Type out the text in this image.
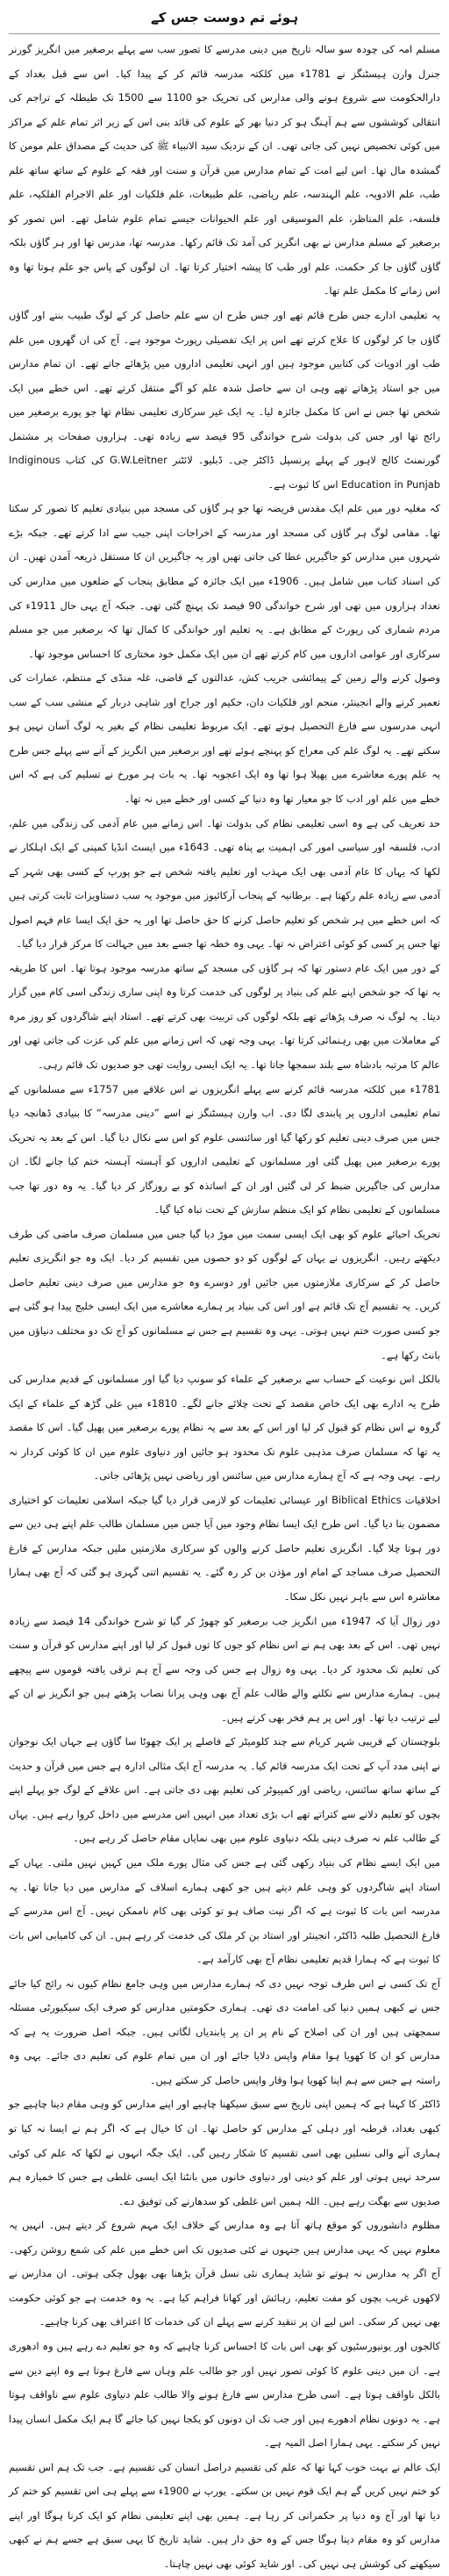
ہوئے تم دوست جس کے

مسلم امہ کی چودہ سو سالہ تاریخ میں دینی مدرسے کا تصور سب سے پہلے برصغیر میں انگریز گورنر جنرل وارن ہیسٹنگز نے 1781ء میں کلکتہ مدرسہ قائم کر کے پیدا کیا۔ اس سے قبل بغداد کے دارالحکومت سے شروع ہونے والی مدارس کی تحریک جو 1100 سے 1500 تک طیطلہ کے تراجم کی انتقالی کوششوں سے ہم آہنگ ہو کر دنیا بھر کے علوم کی قائد بنی اس کے زیر اثر تمام علم کے مراکز میں کوئی تخصیص نہیں کی جاتی تھی۔ ان کے نزدیک سید الانبیاء ﷺ کی حدیث کے مصداق علم مومن کا گمشدہ مال تھا۔ اس لیے امت کے تمام مدارس میں قرآن و سنت اور فقہ کے علوم کے ساتھ ساتھ علم طب، علم الادویہ، علم الہندسہ، علم ریاضی، علم طبیعات، علم فلکیات اور علم الاجرام الفلکیہ، علم فلسفہ، علم المناظر، علم الموسیقی اور علم الحیوانات جیسے تمام علوم شامل تھے۔ اس تصور کو برصغیر کے مسلم مدارس نے بھی انگریز کی آمد تک قائم رکھا۔ مدرسہ تھا، مدرس تھا اور ہر گاؤں بلکہ گاؤں گاؤں جا کر حکمت، علم اور طب کا پیشہ اختیار کرتا تھا۔ ان لوگوں کے پاس جو علم ہوتا تھا وہ اس زمانے کا مکمل علم تھا۔

یہ تعلیمی ادارے جس طرح قائم تھے اور جس طرح ان سے علم حاصل کر کے لوگ طبیب بنتے اور گاؤں گاؤں جا کر لوگوں کا علاج کرتے تھے اس پر ایک تفصیلی رپورٹ موجود ہے۔ آج کی ان گھروں میں علم طب اور ادویات کی کتابیں موجود ہیں اور انہی تعلیمی اداروں میں پڑھائے جاتے تھے۔ ان تمام مدارس میں جو استاد پڑھاتے تھے وہی ان سے حاصل شدہ علم کو آگے منتقل کرتے تھے۔ اس خطے میں ایک شخص تھا جس نے اس کا مکمل جائزہ لیا۔ یہ ایک غیر سرکاری تعلیمی نظام تھا جو پورے برصغیر میں رائج تھا اور جس کی بدولت شرح خواندگی 95 فیصد سے زیادہ تھی۔ ہزاروں صفحات پر مشتمل گورنمنٹ کالج لاہور کے پہلے پرنسپل ڈاکٹر جی۔ ڈبلیو۔ لائٹنر G.W.Leitner کی کتاب Indiginous Education in Punjab اس کا ثبوت ہے۔

کہ مغلیہ دور میں علم ایک مقدس فریضہ تھا جو ہر گاؤں کی مسجد میں بنیادی تعلیم کا تصور کر سکتا تھا۔ مقامی لوگ ہر گاؤں کی مسجد اور مدرسہ کے اخراجات اپنی جیب سے ادا کرتے تھے۔ جبکہ بڑے شہروں میں مدارس کو جاگیریں عطا کی جاتی تھیں اور یہ جاگیریں ان کا مستقل ذریعہ آمدن تھیں۔ ان کی اسناد کتاب میں شامل ہیں۔ 1906ء میں ایک جائزہ کے مطابق پنجاب کے ضلعوں میں مدارس کی تعداد ہزاروں میں تھی اور شرح خواندگی 90 فیصد تک پہنچ گئی تھی۔ جبکہ آج یہی حال 1911ء کی مردم شماری کی رپورٹ کے مطابق ہے۔ یہ تعلیم اور خواندگی کا کمال تھا کہ برصغیر میں جو مسلم سرکاری اور عوامی اداروں میں کام کرتے تھے ان میں ایک مکمل خود مختاری کا احساس موجود تھا۔

وصول کرنے والے زمین کے پیمائشی جریب کش، عدالتوں کے قاضی، غلہ منڈی کے منتظم، عمارات کی تعمیر کرنے والے انجینئر، منجم اور فلکیات دان، حکیم اور جراح اور شاہی دربار کے منشی سب کے سب انہی مدرسوں سے فارغ التحصیل ہوتے تھے۔ ایک مربوط تعلیمی نظام کے بغیر یہ لوگ آسان نہیں ہو سکتے تھے۔ یہ لوگ علم کی معراج کو پہنچے ہوئے تھے اور برصغیر میں انگریز کے آنے سے پہلے جس طرح یہ علم پورے معاشرے میں پھیلا ہوا تھا وہ ایک اعجوبہ تھا۔ یہ بات ہر مورخ نے تسلیم کی ہے کہ اس خطے میں علم اور ادب کا جو معیار تھا وہ دنیا کے کسی اور خطے میں نہ تھا۔

حد تعریف کی ہے وہ اسی تعلیمی نظام کی بدولت تھا۔ اس زمانے میں عام آدمی کی زندگی میں علم، ادب، فلسفہ اور سیاسی امور کی اہمیت بے پناہ تھی۔ 1643ء میں ایسٹ انڈیا کمپنی کے ایک اہلکار نے لکھا کہ یہاں کا عام آدمی بھی ایک مہذب اور تعلیم یافتہ شخص ہے جو پورپ کے کسی بھی شہر کے آدمی سے زیادہ علم رکھتا ہے۔ برطانیہ کے پنجاب آرکائیوز میں موجود یہ سب دستاویزات ثابت کرتی ہیں کہ اس خطے میں ہر شخص کو تعلیم حاصل کرنے کا حق حاصل تھا اور یہ حق ایک ایسا عام فہم اصول تھا جس پر کسی کو کوئی اعتراض نہ تھا۔ یہی وہ خطہ تھا جسے بعد میں جہالت کا مرکز قرار دیا گیا۔

کے دور میں ایک عام دستور تھا کہ ہر گاؤں کی مسجد کے ساتھ مدرسہ موجود ہوتا تھا۔ اس کا طریقہ یہ تھا کہ جو شخص اپنے علم کی بنیاد پر لوگوں کی خدمت کرتا وہ اپنی ساری زندگی اسی کام میں گزار دیتا۔ یہ لوگ نہ صرف پڑھاتے تھے بلکہ لوگوں کی تربیت بھی کرتے تھے۔ استاد اپنے شاگردوں کو روز مرہ کے معاملات میں بھی رہنمائی کرتا تھا۔ یہی وجہ تھی کہ اس زمانے میں علم کی عزت کی جاتی تھی اور عالم کا مرتبہ بادشاہ سے بلند سمجھا جاتا تھا۔ یہ ایک ایسی روایت تھی جو صدیوں تک قائم رہی۔

1781ء میں کلکتہ مدرسہ قائم کرنے سے پہلے انگریزوں نے اس علاقے میں 1757ء سے مسلمانوں کے تمام تعلیمی اداروں پر پابندی لگا دی۔ اب وارن ہیسٹنگز نے اسے ”دینی مدرسہ“ کا بنیادی ڈھانچہ دیا جس میں صرف دینی تعلیم کو رکھا گیا اور سائنسی علوم کو اس سے نکال دیا گیا۔ اس کے بعد یہ تحریک پورے برصغیر میں پھیل گئی اور مسلمانوں کے تعلیمی اداروں کو آہستہ آہستہ ختم کیا جانے لگا۔ ان مدارس کی جاگیریں ضبط کر لی گئیں اور ان کے اساتذہ کو بے روزگار کر دیا گیا۔ یہ وہ دور تھا جب مسلمانوں کے تعلیمی نظام کو ایک منظم سازش کے تحت تباہ کیا گیا۔

تحریک احیائے علوم کو بھی ایک ایسی سمت میں موڑ دیا گیا جس میں مسلمان صرف ماضی کی طرف دیکھتے رہیں۔ انگریزوں نے یہاں کے لوگوں کو دو حصوں میں تقسیم کر دیا۔ ایک وہ جو انگریزی تعلیم حاصل کر کے سرکاری ملازمتوں میں جائیں اور دوسرے وہ جو مدارس میں صرف دینی تعلیم حاصل کریں۔ یہ تقسیم آج تک قائم ہے اور اس کی بنیاد پر ہمارے معاشرے میں ایک ایسی خلیج پیدا ہو گئی ہے جو کسی صورت ختم نہیں ہوتی۔ یہی وہ تقسیم ہے جس نے مسلمانوں کو آج تک دو مختلف دنیاؤں میں بانٹ رکھا ہے۔

بالکل اس نوعیت کے حساب سے برصغیر کے علماء کو سونپ دیا گیا اور مسلمانوں کے قدیم مدارس کی طرح یہ ادارے بھی ایک خاص مقصد کے تحت چلائے جانے لگے۔ 1810ء میں علی گڑھ کے علماء کے ایک گروہ نے اس نظام کو قبول کر لیا اور اس کے بعد سے یہ نظام پورے برصغیر میں پھیل گیا۔ اس کا مقصد یہ تھا کہ مسلمان صرف مذہبی علوم تک محدود ہو جائیں اور دنیاوی علوم میں ان کا کوئی کردار نہ رہے۔ یہی وجہ ہے کہ آج ہمارے مدارس میں سائنس اور ریاضی نہیں پڑھائی جاتی۔

اخلاقیات Biblical Ethics اور عیسائی تعلیمات کو لازمی قرار دیا گیا جبکہ اسلامی تعلیمات کو اختیاری مضمون بنا دیا گیا۔ اس طرح ایک ایسا نظام وجود میں آیا جس میں مسلمان طالب علم اپنے ہی دین سے دور ہوتا چلا گیا۔ انگریزی تعلیم حاصل کرنے والوں کو سرکاری ملازمتیں ملیں جبکہ مدارس کے فارغ التحصیل صرف مساجد کے امام اور مؤذن بن کر رہ گئے۔ یہ تقسیم اتنی گہری ہو گئی کہ آج بھی ہمارا معاشرہ اس سے باہر نہیں نکل سکا۔

دور زوال آیا کہ 1947ء میں انگریز جب برصغیر کو چھوڑ کر گیا تو شرح خواندگی 14 فیصد سے زیادہ نہیں تھی۔ اس کے بعد بھی ہم نے اس نظام کو جوں کا توں قبول کر لیا اور اپنے مدارس کو قرآن و سنت کی تعلیم تک محدود کر دیا۔ یہی وہ زوال ہے جس کی وجہ سے آج ہم ترقی یافتہ قوموں سے پیچھے ہیں۔ ہمارے مدارس سے نکلنے والے طالب علم آج بھی وہی پرانا نصاب پڑھتے ہیں جو انگریز نے ان کے لیے ترتیب دیا تھا۔ اور اس پر ہم فخر بھی کرتے ہیں۔

بلوچستان کے قریبی شہر کریام سے چند کلومیٹر کے فاصلے پر ایک چھوٹا سا گاؤں ہے جہاں ایک نوجوان نے اپنی مدد آپ کے تحت ایک مدرسہ قائم کیا۔ یہ مدرسہ آج ایک مثالی ادارہ ہے جس میں قرآن و حدیث کے ساتھ ساتھ سائنس، ریاضی اور کمپیوٹر کی تعلیم بھی دی جاتی ہے۔ اس علاقے کے لوگ جو پہلے اپنے بچوں کو تعلیم دلانے سے کتراتے تھے اب بڑی تعداد میں انہیں اس مدرسے میں داخل کروا رہے ہیں۔ یہاں کے طالب علم نہ صرف دینی بلکہ دنیاوی علوم میں بھی نمایاں مقام حاصل کر رہے ہیں۔

میں ایک ایسے نظام کی بنیاد رکھی گئی ہے جس کی مثال پورے ملک میں کہیں نہیں ملتی۔ یہاں کے استاد اپنے شاگردوں کو وہی علم دیتے ہیں جو کبھی ہمارے اسلاف کے مدارس میں دیا جاتا تھا۔ یہ مدرسہ اس بات کا ثبوت ہے کہ اگر نیت صاف ہو تو کوئی بھی کام ناممکن نہیں۔ آج اس مدرسے کے فارغ التحصیل طلبہ ڈاکٹر، انجینئر اور استاد بن کر ملک کی خدمت کر رہے ہیں۔ ان کی کامیابی اس بات کا ثبوت ہے کہ ہمارا قدیم تعلیمی نظام آج بھی کارآمد ہے۔

آج تک کسی نے اس طرف توجہ نہیں دی کہ ہمارے مدارس میں وہی جامع نظام کیوں نہ رائج کیا جائے جس نے کبھی ہمیں دنیا کی امامت دی تھی۔ ہماری حکومتیں مدارس کو صرف ایک سیکیورٹی مسئلہ سمجھتی ہیں اور ان کی اصلاح کے نام پر ان پر پابندیاں لگاتی ہیں۔ جبکہ اصل ضرورت یہ ہے کہ مدارس کو ان کا کھویا ہوا مقام واپس دلایا جائے اور ان میں تمام علوم کی تعلیم دی جائے۔ یہی وہ راستہ ہے جس سے ہم اپنا کھویا ہوا وقار واپس حاصل کر سکتے ہیں۔

ڈاکٹر کا کہنا ہے کہ ہمیں اپنی تاریخ سے سبق سیکھنا چاہیے اور اپنے مدارس کو وہی مقام دینا چاہیے جو کبھی بغداد، قرطبہ اور دہلی کے مدارس کو حاصل تھا۔ ان کا خیال ہے کہ اگر ہم نے ایسا نہ کیا تو ہماری آنے والی نسلیں بھی اسی تقسیم کا شکار رہیں گی۔ ایک جگہ انہوں نے لکھا کہ علم کی کوئی سرحد نہیں ہوتی اور علم کو دینی اور دنیاوی خانوں میں بانٹنا ایک ایسی غلطی ہے جس کا خمیازہ ہم صدیوں سے بھگت رہے ہیں۔ اللہ ہمیں اس غلطی کو سدھارنے کی توفیق دے۔

مظلوم دانشوروں کو موقع ہاتھ آتا ہے وہ مدارس کے خلاف ایک مہم شروع کر دیتے ہیں۔ انہیں یہ معلوم نہیں کہ یہی مدارس ہیں جنہوں نے کئی صدیوں تک اس خطے میں علم کی شمع روشن رکھی۔ آج اگر یہ مدارس نہ ہوتے تو شاید ہماری نئی نسل قرآن پڑھنا بھی بھول چکی ہوتی۔ ان مدارس نے لاکھوں غریب بچوں کو مفت تعلیم، رہائش اور کھانا فراہم کیا ہے۔ یہ وہ خدمت ہے جو کوئی حکومت بھی نہیں کر سکی۔ اس لیے ان پر تنقید کرنے سے پہلے ان کی خدمات کا اعتراف بھی کرنا چاہیے۔

کالجوں اور یونیورسٹیوں کو بھی اس بات کا احساس کرنا چاہیے کہ وہ جو تعلیم دے رہے ہیں وہ ادھوری ہے۔ ان میں دینی علوم کا کوئی تصور نہیں اور جو طالب علم وہاں سے فارغ ہوتا ہے وہ اپنے دین سے بالکل ناواقف ہوتا ہے۔ اسی طرح مدارس سے فارغ ہونے والا طالب علم دنیاوی علوم سے ناواقف ہوتا ہے۔ یہ دونوں نظام ادھورے ہیں اور جب تک ان دونوں کو یکجا نہیں کیا جائے گا ہم ایک مکمل انسان پیدا نہیں کر سکتے۔ یہی ہمارا اصل المیہ ہے۔

ایک عالم نے بہت خوب کہا تھا کہ علم کی تقسیم دراصل انسان کی تقسیم ہے۔ جب تک ہم اس تقسیم کو ختم نہیں کریں گے ہم ایک قوم نہیں بن سکتے۔ یورپ نے 1900ء سے پہلے ہی اس تقسیم کو ختم کر دیا تھا اور آج وہ دنیا پر حکمرانی کر رہا ہے۔ ہمیں بھی اپنے تعلیمی نظام کو ایک کرنا ہوگا اور اپنے مدارس کو وہ مقام دینا ہوگا جس کے وہ حق دار ہیں۔ شاید تاریخ کا یہی سبق ہے جسے ہم نے کبھی سیکھنے کی کوشش ہی نہیں کی۔ اور شاید کوئی بھی نہیں چاہتا۔
